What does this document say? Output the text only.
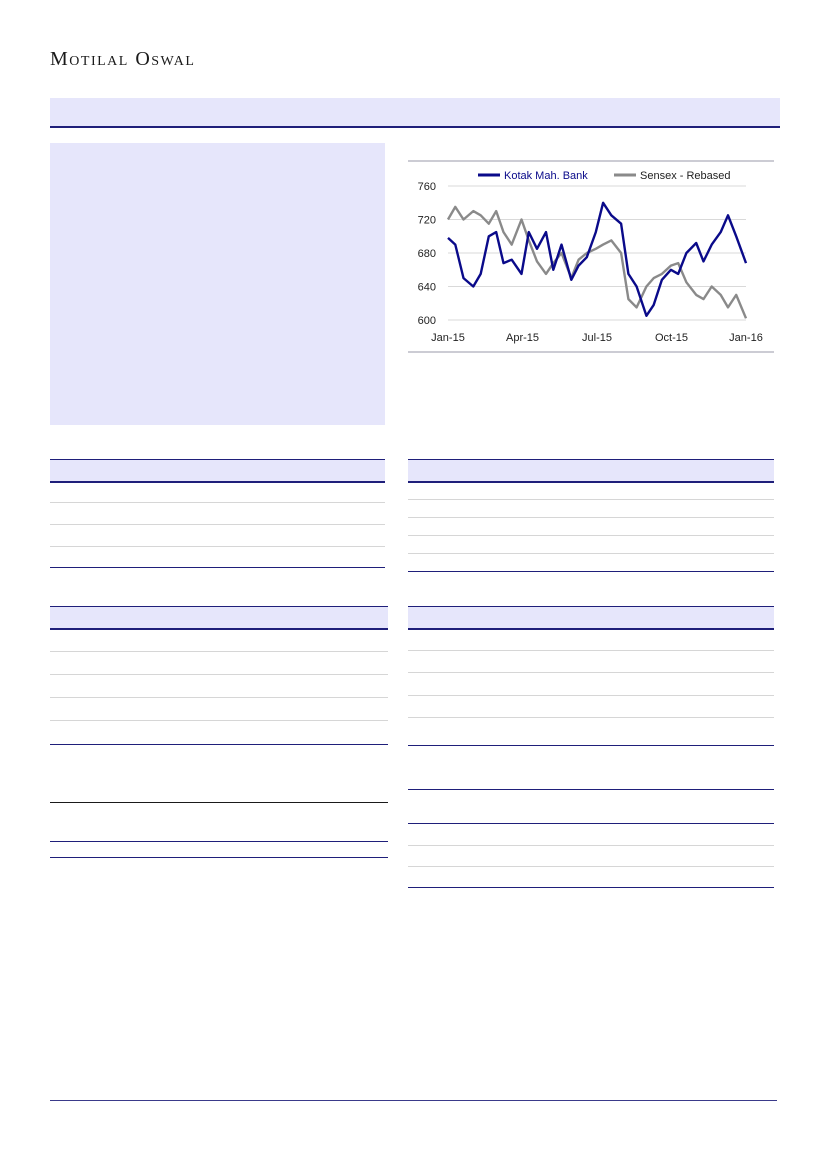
Motilal Oswal
600
640
680
720
760
Jan-15	Apr-15	Jul-15	Oct-15	Jan-16
Kotak Mah. Bank	Sensex - Rebased
